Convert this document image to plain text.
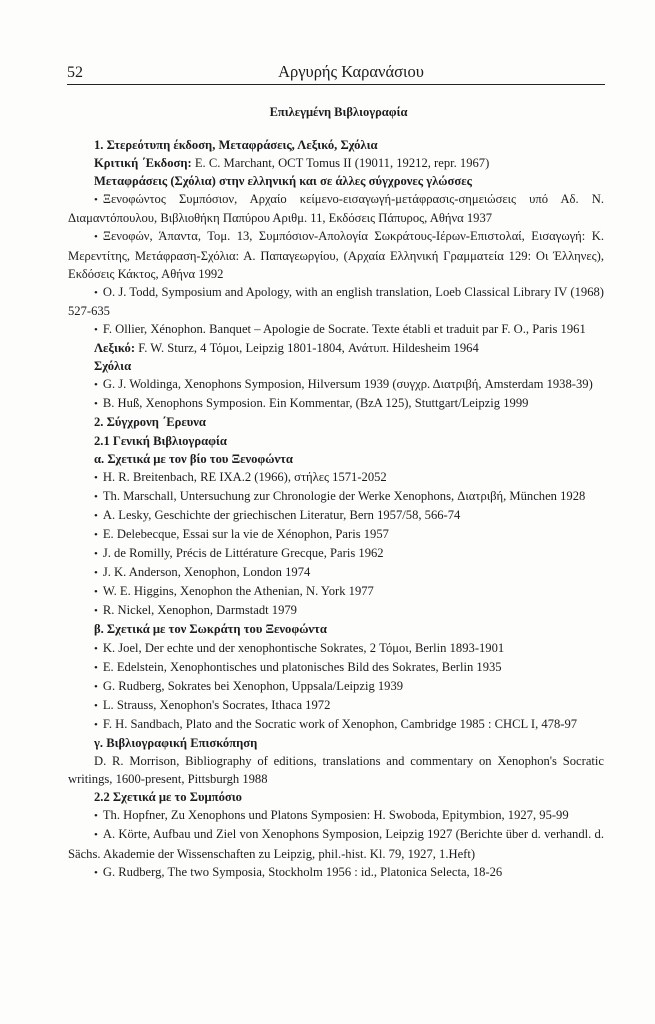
52	Αργυρής Καρανάσιου
Επιλεγμένη Βιβλιογραφία

1. Στερεότυπη έκδοση, Μεταφράσεις, Λεξικό, Σχόλια

Κριτική ΄Εκδοση: E. C. Marchant, OCT Tomus II (19011, 19212, repr. 1967)

Μεταφράσεις (Σχόλια) στην ελληνική και σε άλλες σύγχρονες γλώσσες

• Ξενοφώντος Συμπόσιον, Αρχαίο κείμενο-εισαγωγή-μετάφρασις-σημειώσεις υπό Αδ. Ν. Διαμαντόπουλου, Βιβλιοθήκη Παπύρου Αριθμ. 11, Εκδόσεις Πάπυρος, Αθήνα 1937

• Ξενοφών, Άπαντα, Τομ. 13, Συμπόσιον-Απολογία Σωκράτους-Ιέρων-Επιστολαί, Εισαγωγή: Κ. Μερεντίτης, Μετάφραση-Σχόλια: Α. Παπαγεωργίου, (Αρχαία Ελληνική Γραμματεία 129: Οι Έλληνες), Εκδόσεις Κάκτος, Αθήνα 1992

• O. J. Todd, Symposium and Apology, with an english translation, Loeb Classical Library IV (1968) 527-635

• F. Ollier, Xénophon. Banquet – Apologie de Socrate. Texte établi et traduit par F. O., Paris 1961

Λεξικό: F. W. Sturz, 4 Τόμοι, Leipzig 1801-1804, Ανάτυπ. Hildesheim 1964

Σχόλια

• G. J. Woldinga, Xenophons Symposion, Hilversum 1939 (συγχρ. Διατριβή, Amsterdam 1938-39)

• B. Huß, Xenophons Symposion. Ein Kommentar, (BzA 125), Stuttgart/Leipzig 1999

2. Σύγχρονη ΄Ερευνα

2.1 Γενική Βιβλιογραφία

α. Σχετικά με τον βίο του Ξενοφώντα

• H. R. Breitenbach, RE IXA.2 (1966), στήλες 1571-2052

• Th. Marschall, Untersuchung zur Chronologie der Werke Xenophons, Διατριβή, München 1928

• A. Lesky, Geschichte der griechischen Literatur, Bern 1957/58, 566-74

• E. Delebecque, Essai sur la vie de Xénophon, Paris 1957

• J. de Romilly, Précis de Littérature Grecque, Paris 1962

• J. K. Anderson, Xenophon, London 1974

• W. E. Higgins, Xenophon the Athenian, N. York 1977

• R. Nickel, Xenophon, Darmstadt 1979

β. Σχετικά με τον Σωκράτη του Ξενοφώντα

• K. Joel, Der echte und der xenophontische Sokrates, 2 Τόμοι, Berlin 1893-1901

• E. Edelstein, Xenophontisches und platonisches Bild des Sokrates, Berlin 1935

• G. Rudberg, Sokrates bei Xenophon, Uppsala/Leipzig 1939

• L. Strauss, Xenophon's Socrates, Ithaca 1972

• F. H. Sandbach, Plato and the Socratic work of Xenophon, Cambridge 1985 : CHCL I, 478-97

γ. Βιβλιογραφική Επισκόπηση

D. R. Morrison, Bibliography of editions, translations and commentary on Xenophon's Socratic writings, 1600-present, Pittsburgh 1988

2.2 Σχετικά με το Συμπόσιο

• Th. Hopfner, Zu Xenophons und Platons Symposien: H. Swoboda, Epitymbion, 1927, 95-99

• A. Körte, Aufbau und Ziel von Xenophons Symposion, Leipzig 1927 (Berichte über d. verhandl. d. Sächs. Akademie der Wissenschaften zu Leipzig, phil.-hist. Kl. 79, 1927, 1.Heft)

• G. Rudberg, The two Symposia, Stockholm 1956 : id., Platonica Selecta, 18-26
